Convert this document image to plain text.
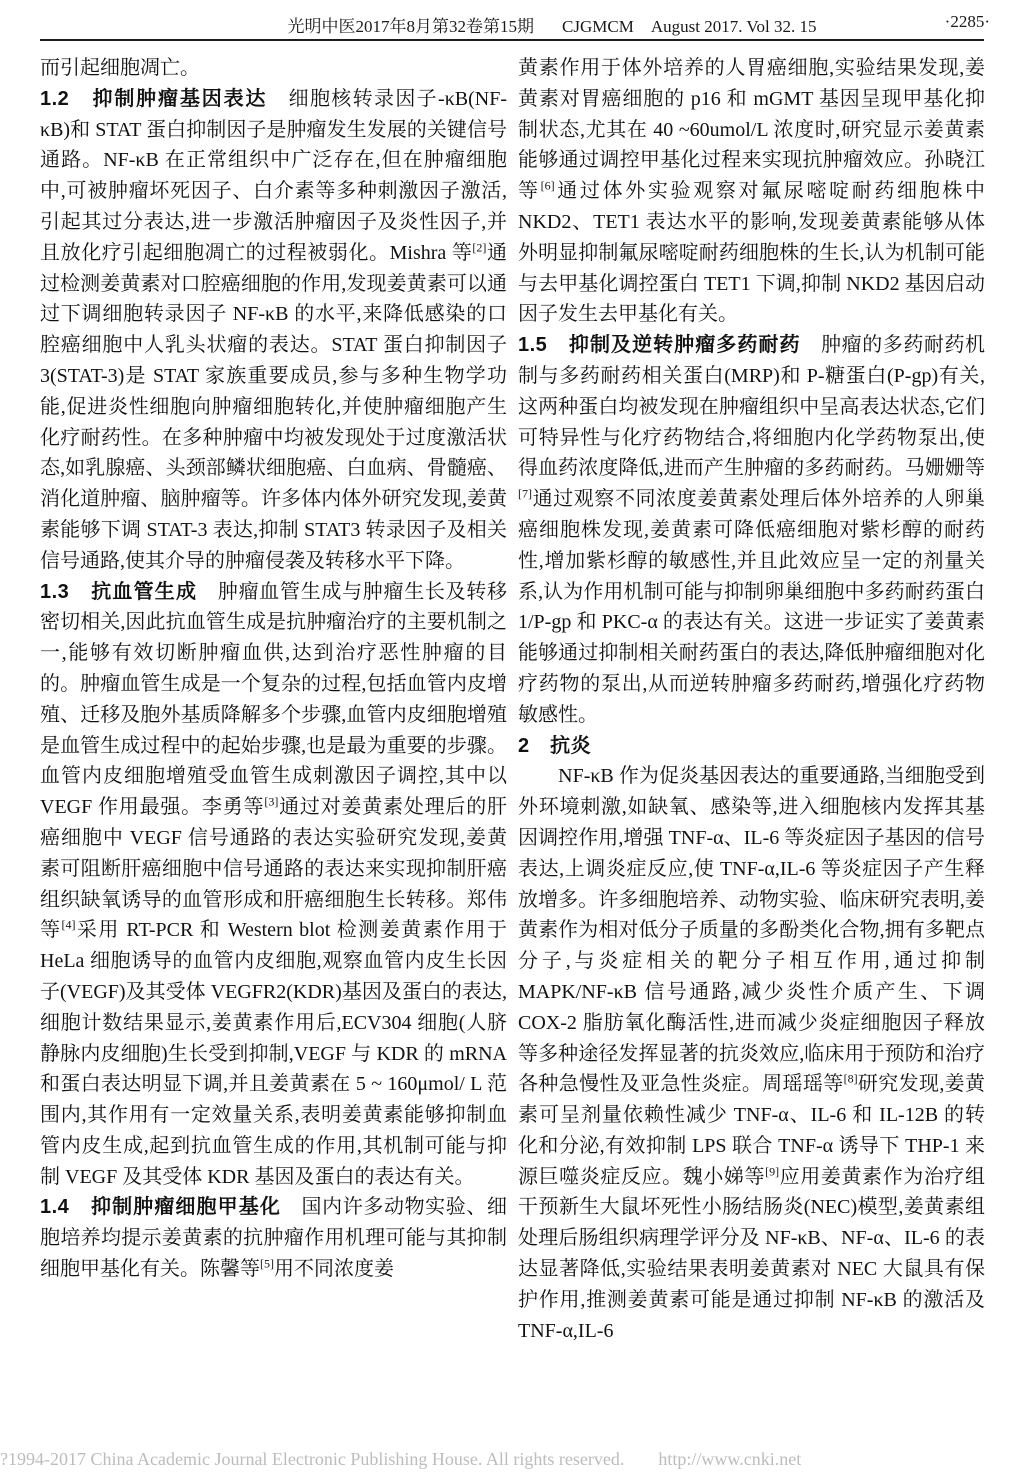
光明中医2017年8月第32卷第15期 CJGMCM　August 2017. Vol 32. 15	·2285·

而引起细胞凋亡。

1.2　抑制肿瘤基因表达　细胞核转录因子-κB(NF-κB)和 STAT 蛋白抑制因子是肿瘤发生发展的关键信号通路。NF-κB 在正常组织中广泛存在,但在肿瘤细胞中,可被肿瘤坏死因子、白介素等多种刺激因子激活,引起其过分表达,进一步激活肿瘤因子及炎性因子,并且放化疗引起细胞凋亡的过程被弱化。Mishra 等[2]通过检测姜黄素对口腔癌细胞的作用,发现姜黄素可以通过下调细胞转录因子 NF-κB 的水平,来降低感染的口腔癌细胞中人乳头状瘤的表达。STAT 蛋白抑制因子 3(STAT-3)是 STAT 家族重要成员,参与多种生物学功能,促进炎性细胞向肿瘤细胞转化,并使肿瘤细胞产生化疗耐药性。在多种肿瘤中均被发现处于过度激活状态,如乳腺癌、头颈部鳞状细胞癌、白血病、骨髓癌、消化道肿瘤、脑肿瘤等。许多体内体外研究发现,姜黄素能够下调 STAT-3 表达,抑制 STAT3 转录因子及相关信号通路,使其介导的肿瘤侵袭及转移水平下降。

1.3　抗血管生成　肿瘤血管生成与肿瘤生长及转移密切相关,因此抗血管生成是抗肿瘤治疗的主要机制之一,能够有效切断肿瘤血供,达到治疗恶性肿瘤的目的。肿瘤血管生成是一个复杂的过程,包括血管内皮增殖、迁移及胞外基质降解多个步骤,血管内皮细胞增殖是血管生成过程中的起始步骤,也是最为重要的步骤。血管内皮细胞增殖受血管生成刺激因子调控,其中以 VEGF 作用最强。李勇等[3]通过对姜黄素处理后的肝癌细胞中 VEGF 信号通路的表达实验研究发现,姜黄素可阻断肝癌细胞中信号通路的表达来实现抑制肝癌组织缺氧诱导的血管形成和肝癌细胞生长转移。郑伟等[4]采用 RT-PCR 和 Western blot 检测姜黄素作用于 HeLa 细胞诱导的血管内皮细胞,观察血管内皮生长因子(VEGF)及其受体 VEGFR2(KDR)基因及蛋白的表达,细胞计数结果显示,姜黄素作用后,ECV304 细胞(人脐静脉内皮细胞)生长受到抑制,VEGF 与 KDR 的 mRNA 和蛋白表达明显下调,并且姜黄素在 5 ~ 160μmol/ L 范围内,其作用有一定效量关系,表明姜黄素能够抑制血管内皮生成,起到抗血管生成的作用,其机制可能与抑制 VEGF 及其受体 KDR 基因及蛋白的表达有关。

1.4　抑制肿瘤细胞甲基化　国内许多动物实验、细胞培养均提示姜黄素的抗肿瘤作用机理可能与其抑制细胞甲基化有关。陈馨等[5]用不同浓度姜

黄素作用于体外培养的人胃癌细胞,实验结果发现,姜黄素对胃癌细胞的 p16 和 mGMT 基因呈现甲基化抑制状态,尤其在 40 ~60umol/L 浓度时,研究显示姜黄素能够通过调控甲基化过程来实现抗肿瘤效应。孙晓江等[6]通过体外实验观察对氟尿嘧啶耐药细胞株中 NKD2、TET1 表达水平的影响,发现姜黄素能够从体外明显抑制氟尿嘧啶耐药细胞株的生长,认为机制可能与去甲基化调控蛋白 TET1 下调,抑制 NKD2 基因启动因子发生去甲基化有关。

1.5　抑制及逆转肿瘤多药耐药　肿瘤的多药耐药机制与多药耐药相关蛋白(MRP)和 P-糖蛋白(P-gp)有关,这两种蛋白均被发现在肿瘤组织中呈高表达状态,它们可特异性与化疗药物结合,将细胞内化学药物泵出,使得血药浓度降低,进而产生肿瘤的多药耐药。马姗姗等[7]通过观察不同浓度姜黄素处理后体外培养的人卵巢癌细胞株发现,姜黄素可降低癌细胞对紫杉醇的耐药性,增加紫杉醇的敏感性,并且此效应呈一定的剂量关系,认为作用机制可能与抑制卵巢细胞中多药耐药蛋白 1/P-gp 和 PKC-α 的表达有关。这进一步证实了姜黄素能够通过抑制相关耐药蛋白的表达,降低肿瘤细胞对化疗药物的泵出,从而逆转肿瘤多药耐药,增强化疗药物敏感性。

2　抗炎

　　NF-κB 作为促炎基因表达的重要通路,当细胞受到外环境刺激,如缺氧、感染等,进入细胞核内发挥其基因调控作用,增强 TNF-α、IL-6 等炎症因子基因的信号表达,上调炎症反应,使 TNF-α,IL-6 等炎症因子产生释放增多。许多细胞培养、动物实验、临床研究表明,姜黄素作为相对低分子质量的多酚类化合物,拥有多靶点分子,与炎症相关的靶分子相互作用,通过抑制 MAPK/NF-κB 信号通路,减少炎性介质产生、下调 COX-2 脂肪氧化酶活性,进而减少炎症细胞因子释放等多种途径发挥显著的抗炎效应,临床用于预防和治疗各种急慢性及亚急性炎症。周瑶瑶等[8]研究发现,姜黄素可呈剂量依赖性减少 TNF-α、IL-6 和 IL-12B 的转化和分泌,有效抑制 LPS 联合 TNF-α 诱导下 THP-1 来源巨噬炎症反应。魏小娣等[9]应用姜黄素作为治疗组干预新生大鼠坏死性小肠结肠炎(NEC)模型,姜黄素组处理后肠组织病理学评分及 NF-κB、NF-α、IL-6 的表达显著降低,实验结果表明姜黄素对 NEC 大鼠具有保护作用,推测姜黄素可能是通过抑制 NF-κB 的激活及 TNF-α,IL-6

?1994-2017 China Academic Journal Electronic Publishing House. All rights reserved. http://www.cnki.net
